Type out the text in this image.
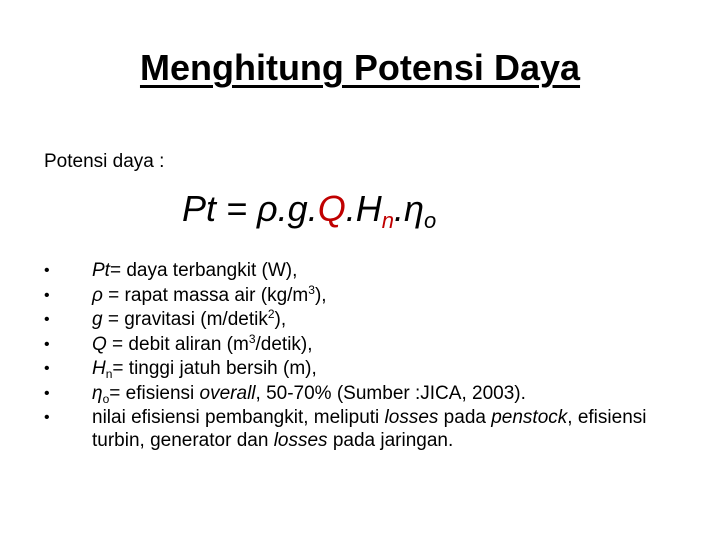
Menghitung Potensi Daya
Potensi daya :
$Pt = \rho.g.Q.H_n.\eta_o$
• Pt= daya terbangkit (W),
• ρ = rapat massa air $(kg/m^3)$,
• g = gravitasi (m/detik$^2$),
• Q = debit aliran $(m^3/detik)$,
• $H_n=$ tinggi jatuh bersih (m),
• $\eta_o=$ efisiensi overall, 50-70% (Sumber :JICA, 2003).
• nilai efisiensi pembangkit, meliputi losses pada penstock, efisiensi turbin, generator dan losses pada jaringan.
